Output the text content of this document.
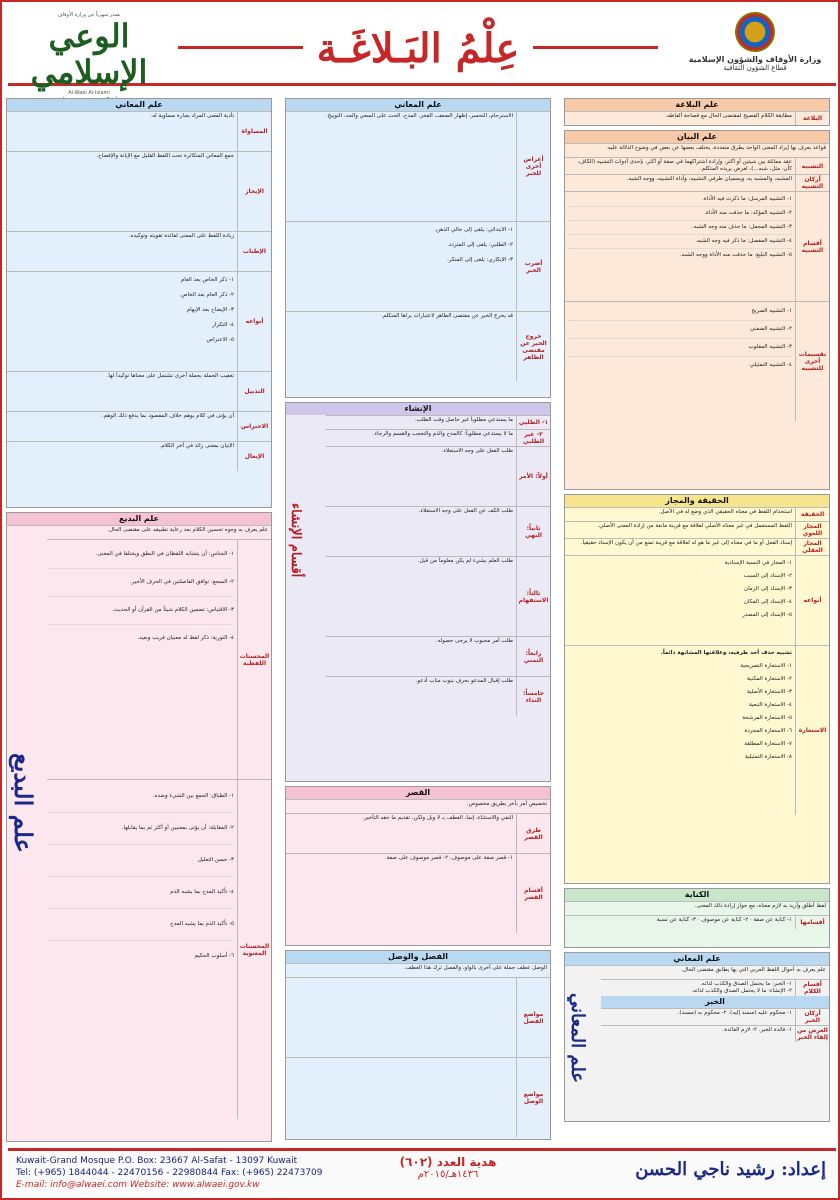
تصدر شهرياً عن وزارة الأوقاف
الوعي الإسلامي
Al-Waei Al-Islami
عِلْمُ البَـلاغَـة	وزارة الأوقاف والشؤون الإسلامية
قطاع الشؤون الثقافية
علم البلاغة
البلاغة
مطابقة الكلام الفصيح لمقتضى الحال مع فصاحة ألفاظه.
علم البيان
قواعد يعرف بها إيراد المعنى الواحد بطرق متعددة، يختلف بعضها عن بعض في وضوح الدلالة عليه.
التشبيه
عقد مماثلة بين شيئين أو أكثر، وإرادة اشتراكهما في صفة أو أكثر، بإحدى أدوات التشبيه (الكاف، كأن، مثل، شبه...)، لغرض يريده المتكلم.
أركان التشبيه
المشبه، والمشبه به، ويسميان طرفي التشبيه، وأداة التشبيه، ووجه الشبه.
أقسام التشبيه
١- التشبيه المرسل: ما ذكرت فيه الأداة.
٢- التشبيه المؤكد: ما حذفت منه الأداة.
٣- التشبيه المجمل: ما حذف منه وجه الشبه.
٤- التشبيه المفصل: ما ذكر فيه وجه الشبه.
٥- التشبيه البليغ: ما حذفت منه الأداة ووجه الشبه.
تقسيمات أخرى للتشبيه
١- التشبيه الصريح
٢- التشبيه الضمني
٣- التشبيه المقلوب
٤- التشبيه التمثيلي
الحقيقة والمجاز
الحقيقة
استخدام اللفظ في معناه الحقيقي الذي وضع له في الأصل.
المجاز اللغوي
اللفظ المستعمل في غير معناه الأصلي لعلاقة مع قرينة مانعة من إرادة المعنى الأصلي.
المجاز العقلي
إسناد الفعل أو ما في معناه إلى غير ما هو له لعلاقة مع قرينة تمنع من أن يكون الإسناد حقيقياً.
أنواعه
١- المجاز في النسبة الإسنادية
٢- الإسناد إلى السبب
٣- الإسناد إلى الزمان
٤- الإسناد إلى المكان
٥- الإسناد إلى المصدر
الاستعارة
تشبيه حذف أحد طرفيه، وعلاقتها المشابهة دائماً.
١- الاستعارة التصريحية
٢- الاستعارة المكنية
٣- الاستعارة الأصلية
٤- الاستعارة التبعية
٥- الاستعارة المرشحة
٦- الاستعارة المجردة
٧- الاستعارة المطلقة
٨- الاستعارة التمثيلية
الكناية
لفظ أطلق وأريد به لازم معناه، مع جواز إرادة ذلك المعنى.
أقسامها
١- كناية عن صفة · ٢- كناية عن موصوف · ٣- كناية عن نسبة
علم المعاني
علم يعرف به أحوال اللفظ العربي التي بها يطابق مقتضى الحال.
أقسام الكلام
١- الخبر: ما يحتمل الصدق والكذب لذاته.
٢- الإنشاء: ما لا يحتمل الصدق والكذب لذاته.
الخبر
أركان الخبر
١- محكوم عليه (مسند إليه). ٢- محكوم به (مسند).
الغرض من إلقاء الخبر
١- فائدة الخبر. ٢- لازم الفائدة.
علم المعاني
علم المعاني
أغراض أخرى للخبر
الاسترحام، التحسر، إظهار الضعف، الفخر، المدح، الحث على السعي والجد، التوبيخ.
أضرب الخبر
١- الابتدائي: يلقى إلى خالي الذهن.
٢- الطلبي: يلقى إلى المتردد.
٣- الإنكاري: يلقى إلى المنكر.
خروج الخبر عن مقتضى الظاهر
قد يخرج الخبر عن مقتضى الظاهر لاعتبارات يراها المتكلم.
الإنشاء
١- الطلبي
ما يستدعي مطلوباً غير حاصل وقت الطلب.
٢- غير الطلبي
ما لا يستدعي مطلوباً: كالمدح والذم والتعجب والقسم والرجاء.
أولاً: الأمر
طلب الفعل على وجه الاستعلاء.
ثانياً: النهي
طلب الكف عن الفعل على وجه الاستعلاء.
ثالثاً: الاستفهام
طلب العلم بشيء لم يكن معلوماً من قبل.
رابعاً: التمني
طلب أمر محبوب لا يرجى حصوله.
خامساً: النداء
طلب إقبال المدعو بحرف ينوب مناب أدعو.
أقسام الإنشاء
القصر
تخصيص أمر بآخر بطريق مخصوص.
طرق القصر
النفي والاستثناء، إنما، العطف بـ لا وبل ولكن، تقديم ما حقه التأخير.
أقسام القصر
١- قصر صفة على موصوف. ٢- قصر موصوف على صفة.
الفصل والوصل
الوصل عطف جملة على أخرى بالواو، والفصل ترك هذا العطف.
مواضع الفصل
مواضع الوصل
علم المعاني
المساواة
تأدية المعنى المراد بعبارة مساوية له.
الإيجاز
جمع المعاني المتكاثرة تحت اللفظ القليل مع الإبانة والإفصاح.
الإطناب
زيادة اللفظ على المعنى لفائدة تقويته وتوكيده.
أنواعه
١- ذكر الخاص بعد العام
٢- ذكر العام بعد الخاص
٣- الإيضاح بعد الإبهام
٤- التكرار
٥- الاعتراض
التذييل
تعقيب الجملة بجملة أخرى تشتمل على معناها توكيداً لها.
الاحتراس
أن يؤتى في كلام يوهم خلاف المقصود بما يدفع ذلك الوهم.
الإيغال
الإتيان بمعنى زائد في آخر الكلام.
علم البديع
علم يعرف به وجوه تحسين الكلام بعد رعاية تطبيقه على مقتضى الحال.
المحسنات اللفظية
١- الجناس: أن يتشابه اللفظان في النطق ويختلفا في المعنى.
٢- السجع: توافق الفاصلتين في الحرف الأخير.
٣- الاقتباس: تضمين الكلام شيئاً من القرآن أو الحديث.
٤- التورية: ذكر لفظ له معنيان قريب وبعيد.
المحسنات المعنوية
١- الطباق: الجمع بين الشيء وضده.
٢- المقابلة: أن يؤتى بمعنيين أو أكثر ثم بما يقابلها.
٣- حسن التعليل
٤- تأكيد المدح بما يشبه الذم
٥- تأكيد الذم بما يشبه المدح
٦- أسلوب الحكيم
علم البديع
Kuwait-Grand Mosque P.O. Box: 23667 Al-Safat - 13097 Kuwait
Tel: (+965) 1844044 - 22470156 - 22980844 Fax: (+965) 22473709
E-mail: info@alwaei.com Website: www.alwaei.gov.kw
هدية العدد (٦٠٢)
١٤٣٦هـ/٢٠١٥م	إعداد: رشيد ناجي الحسن
